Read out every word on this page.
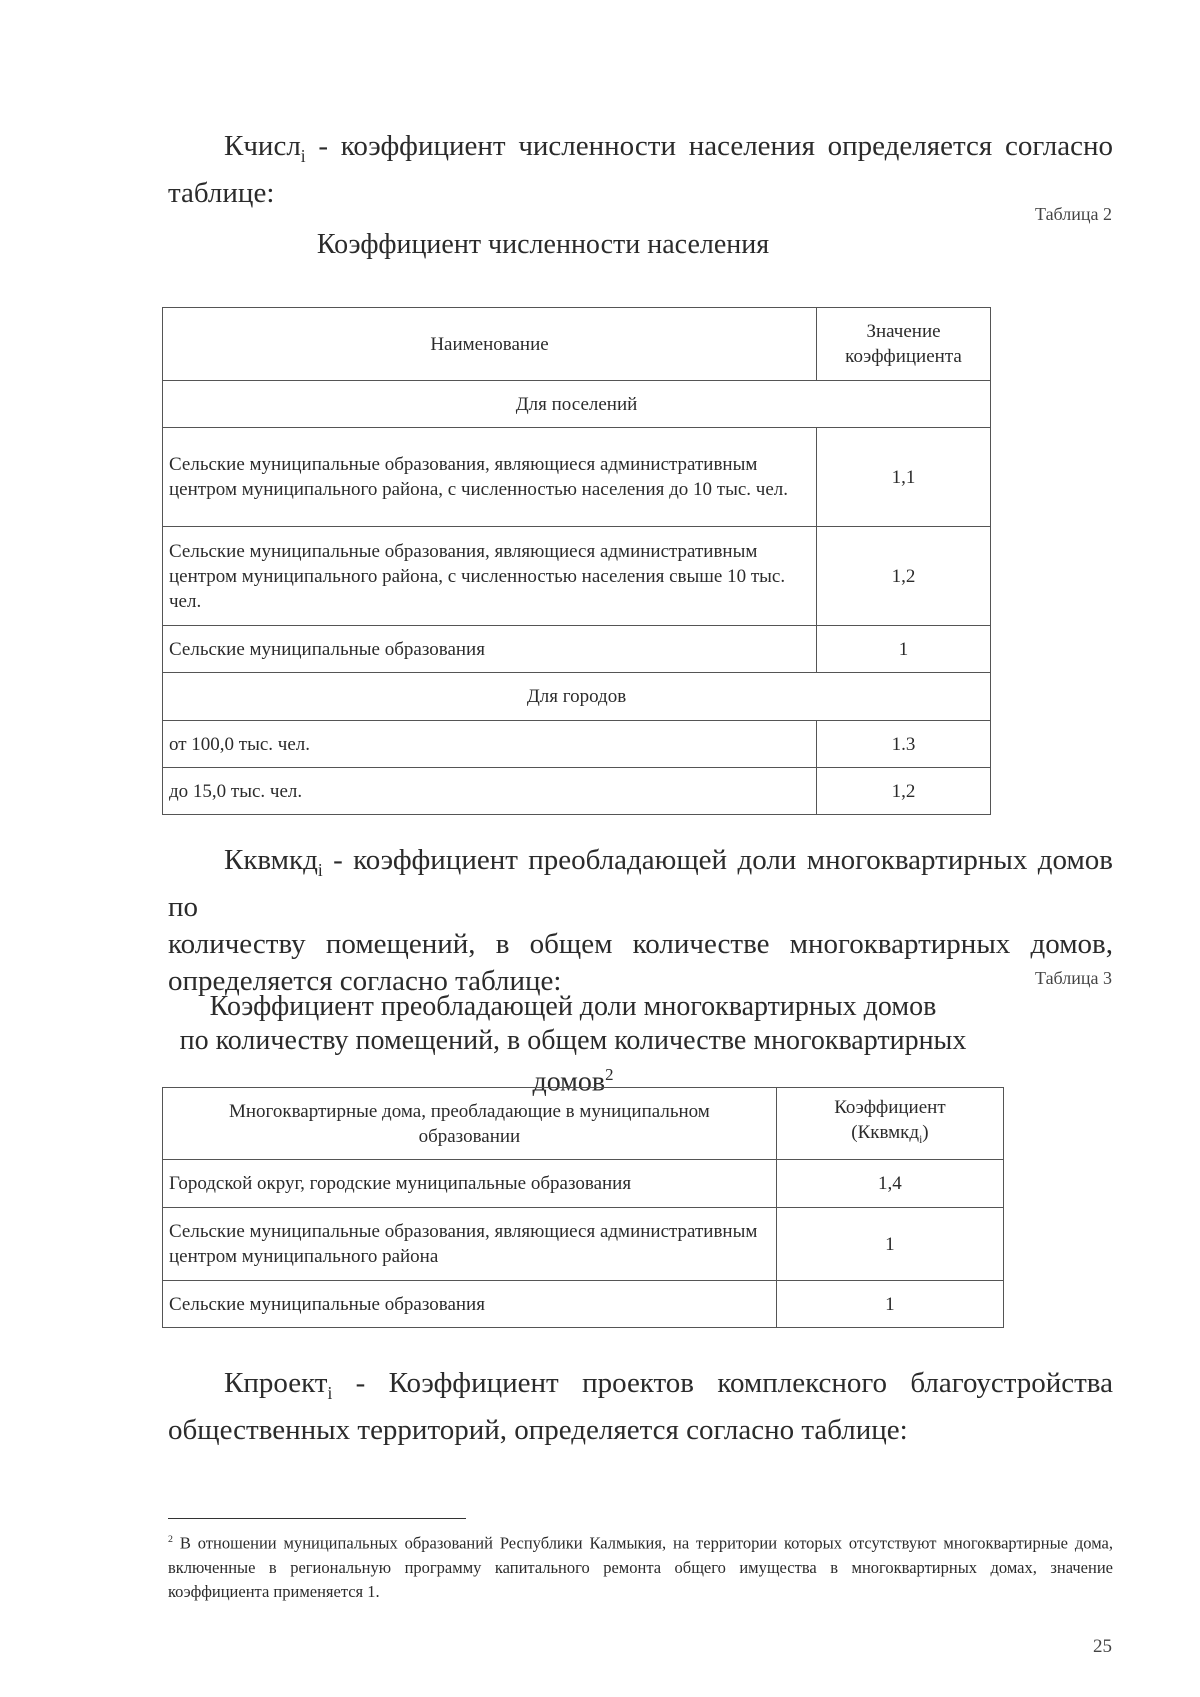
Кчисл$_i$ - коэффициент численности населения определяется согласно
таблице:

Таблица 2
Коэффициент численности населения
Наименование	Значение коэффициента
Для поселений	
Сельские муниципальные образования, являющиеся административным центром муниципального района, с численностью населения до 10 тыс. чел.	1,1
Сельские муниципальные образования, являющиеся административным центром муниципального района, с численностью населения свыше 10 тыс. чел.	1,2
Сельские муниципальные образования	1
Для городов	
от 100,0 тыс. чел.	1.3
до 15,0 тыс. чел.	1,2

Кквмкд$_i$ - коэффициент преобладающей доли многоквартирных домов по
количеству помещений, в общем количестве многоквартирных домов,
определяется согласно таблице:	Таблица 3
Коэффициент преобладающей доли многоквартирных домов
по количеству помещений, в общем количестве многоквартирных
домов$^2$
Многоквартирные дома, преобладающие в муниципальном образовании	Коэффициент
(Кквмкд$_i$)

Городской округ, городские муниципальные образования	1,4
Сельские муниципальные образования, являющиеся административным центром муниципального района	1
Сельские муниципальные образования	1

Кпроект$_i$ - Коэффициент проектов комплексного благоустройства
общественных территорий, определяется согласно таблице:

$^2$ В отношении муниципальных образований Республики Калмыкия, на территории которых отсутствуют многоквартирные дома, включенные в региональную программу капитального ремонта общего имущества в многоквартирных домах, значение коэффициента применяется 1.

25
